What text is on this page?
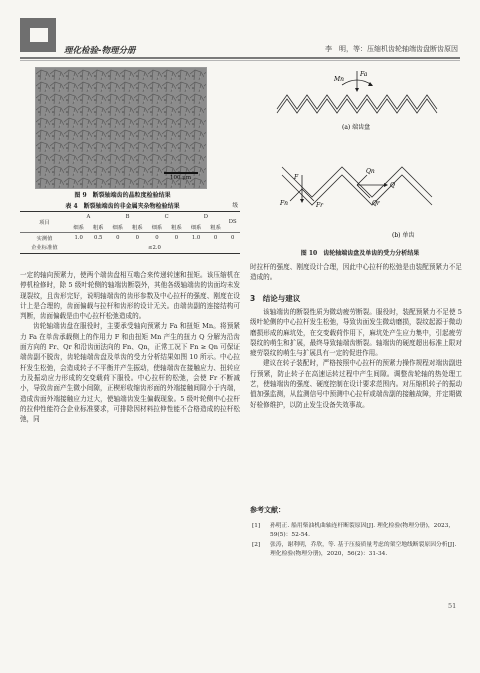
理化检验-物理分册	李　明，等：压缩机齿轮轴端齿盘断齿原因
100 μm
图 9　断裂轴端齿的晶粒度检验结果
表 4　断裂轴端齿的非金属夹杂物检验结果	级
项目	A		B		C		D		DS
	细系	粗系	细系	粗系	细系	粗系	细系	粗系	
实测值	1.0	0.5	0	0	0	0	1.0	0	0
企业标准值	≤2.0								

一定的轴向预紧力，使两个端齿盘相互啮合来传递转速和扭矩。该压缩机在停机检修时，除 5 级叶轮侧的轴端齿断裂外，其他各级轴端齿的齿面均未发现裂纹，且齿形完好，说明轴端齿的齿形参数及中心拉杆的强度、刚度在设计上是合理的，齿面偏载与拉杆和齿形的设计无关。由端齿副的连接结构可判断，齿面偏载是由中心拉杆松弛造成的。

齿轮轴端齿盘在服役时，主要承受轴向预紧力 Fa 和扭矩 Mn。将预紧力 Fa 在单齿承载侧上的作用力 F 和由扭矩 Mn 产生的扭力 Q 分解为沿齿面方向的 Fr、Qr 和沿齿面法向的 Fn、Qn，正常工况下 Fn ≥ Qn 可保证端齿副不脱齿，齿轮轴端齿盘及单齿的受力分析结果如图 10 所示。中心拉杆发生松弛，会造成转子不平衡并产生振动，使轴端齿在接触应力、扭转应力及振动应力形成的交变载荷下服役。中心拉杆的松弛，会使 Fr 不断减小，导致齿面产生微小间隙，正楔形收缩齿形面的外端接触间隙小于内端，造成齿面外端接触应力过大，使轴端齿发生偏载现象。5 级叶轮侧中心拉杆的拉伸性能符合企业标准要求，可排除因材料拉伸性能不合格造成的拉杆松弛，同

Fa
Mn
(a) 端齿盘
F
Fn	Fr
Q
Qn
Qr
(b) 单齿
图 10　齿轮轴端齿盘及单齿的受力分析结果

时拉杆的强度、刚度设计合理，因此中心拉杆的松弛是由装配预紧力不足造成的。

3　结论与建议

该轴端齿的断裂性质为微动疲劳断裂。服役时，装配预紧力不足使 5 级叶轮侧的中心拉杆发生松弛，导致齿面发生微动磨损，裂纹起源于微动磨损形成的麻坑处，在交变载荷作用下，麻坑处产生应力集中，引起疲劳裂纹的萌生和扩展，最终导致轴端齿断裂。轴端齿的硬度超出标准上限对疲劳裂纹的萌生与扩展具有一定的促进作用。

建议在转子装配时，严格按照中心拉杆的预紧力操作规程对端齿副进行预紧，防止转子在高速运转过程中产生间隙。调整齿轮轴的热处理工艺，使轴端齿的强度、硬度控制在设计要求范围内。对压缩机转子的振动值加强监测，从监测信号中预测中心拉杆或端齿副的接触故障，并定期做好检修维护，以防止发生设备失效事故。

参考文献：
[1] 孙明正. 船用柴油机曲轴连杆断裂原因[J]. 理化检验(物理分册)，2023，59(5)：52-54.
[2] 张涛，谢利明，乔欣，等. 基于压接质量考虑的架空地线断裂原因分析[J]. 理化检验(物理分册)，2020，56(2)：31-34.
51
